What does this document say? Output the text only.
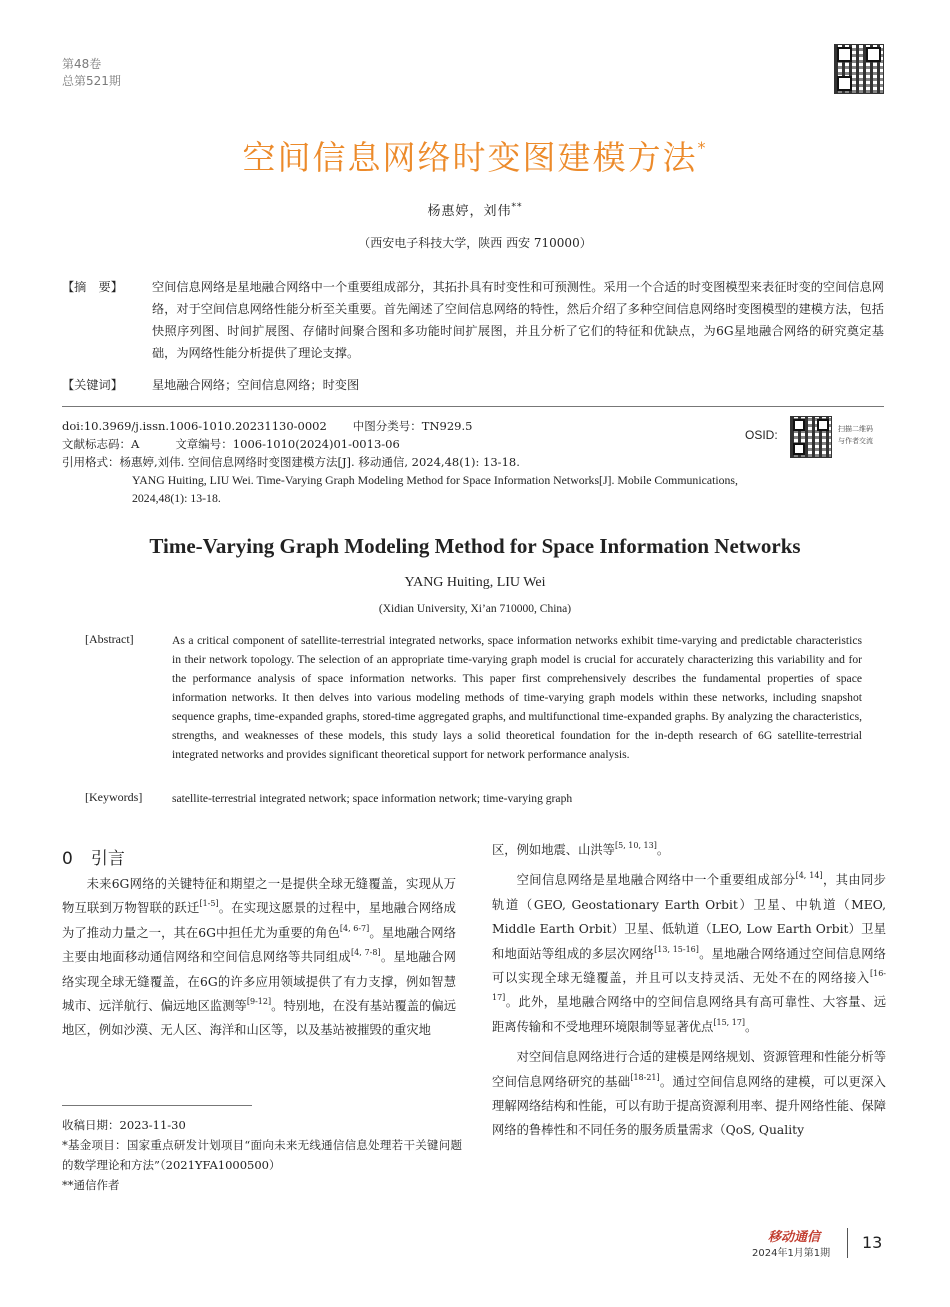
第48卷
总第521期
空间信息网络时变图建模方法*
杨惠婷，刘伟**
（西安电子科技大学，陕西 西安 710000）
【摘　要】 空间信息网络是星地融合网络中一个重要组成部分，其拓扑具有时变性和可预测性。采用一个合适的时变图模型来表征时变的空间信息网络，对于空间信息网络性能分析至关重要。首先阐述了空间信息网络的特性，然后介绍了多种空间信息网络时变图模型的建模方法，包括快照序列图、时间扩展图、存储时间聚合图和多功能时间扩展图，并且分析了它们的特征和优缺点，为6G星地融合网络的研究奠定基础，为网络性能分析提供了理论支撑。
【关键词】 星地融合网络；空间信息网络；时变图
doi:10.3969/j.issn.1006-1010.20231130-0002 中图分类号：TN929.5
文献标志码：A	文章编号：1006-1010(2024)01-0013-06
引用格式：杨惠婷,刘伟. 空间信息网络时变图建模方法[J]. 移动通信, 2024,48(1): 13-18.
YANG Huiting, LIU Wei. Time-Varying Graph Modeling Method for Space Information Networks[J]. Mobile Communications,
2024,48(1): 13-18.
OSID:	扫描二维码
与作者交流
Time-Varying Graph Modeling Method for Space Information Networks
YANG Huiting, LIU Wei
(Xidian University, Xi’an 710000, China)
[Abstract]	As a critical component of satellite-terrestrial integrated networks, space information networks exhibit time-varying and predictable characteristics in their network topology. The selection of an appropriate time-varying graph model is crucial for accurately characterizing this variability and for the performance analysis of space information networks. This paper first comprehensively describes the fundamental properties of space information networks. It then delves into various modeling methods of time-varying graph models within these networks, including snapshot sequence graphs, time-expanded graphs, stored-time aggregated graphs, and multifunctional time-expanded graphs. By analyzing the characteristics, strengths, and weaknesses of these models, this study lays a solid theoretical foundation for the in-depth research of 6G satellite-terrestrial integrated networks and provides significant theoretical support for network performance analysis.
[Keywords]	satellite-terrestrial integrated network; space information network; time-varying graph
0 引言

未来6G网络的关键特征和期望之一是提供全球无缝覆盖，实现从万物互联到万物智联的跃迁[1-5]。在实现这愿景的过程中，星地融合网络成为了推动力量之一，其在6G中担任尤为重要的角色[4, 6-7]。星地融合网络主要由地面移动通信网络和空间信息网络等共同组成[4, 7-8]。星地融合网络实现全球无缝覆盖，在6G的许多应用领域提供了有力支撑，例如智慧城市、远洋航行、偏远地区监测等[9-12]。特别地，在没有基站覆盖的偏远地区，例如沙漠、无人区、海洋和山区等，以及基站被摧毁的重灾地

收稿日期：2023-11-30
*基金项目：国家重点研发计划项目“面向未来无线通信信息处理若干关键问题的数学理论和方法”（2021YFA1000500）
**通信作者

区，例如地震、山洪等[5, 10, 13]。

空间信息网络是星地融合网络中一个重要组成部分[4, 14]，其由同步轨道（GEO, Geostationary Earth Orbit）卫星、中轨道（MEO, Middle Earth Orbit）卫星、低轨道（LEO, Low Earth Orbit）卫星和地面站等组成的多层次网络[13, 15-16]。星地融合网络通过空间信息网络可以实现全球无缝覆盖，并且可以支持灵活、无处不在的网络接入[16-17]。此外，星地融合网络中的空间信息网络具有高可靠性、大容量、远距离传输和不受地理环境限制等显著优点[15, 17]。

对空间信息网络进行合适的建模是网络规划、资源管理和性能分析等空间信息网络研究的基础[18-21]。通过空间信息网络的建模，可以更深入理解网络结构和性能，可以有助于提高资源利用率、提升网络性能、保障网络的鲁棒性和不同任务的服务质量需求（QoS, Quality

移动通信
2024年1月第1期
13
